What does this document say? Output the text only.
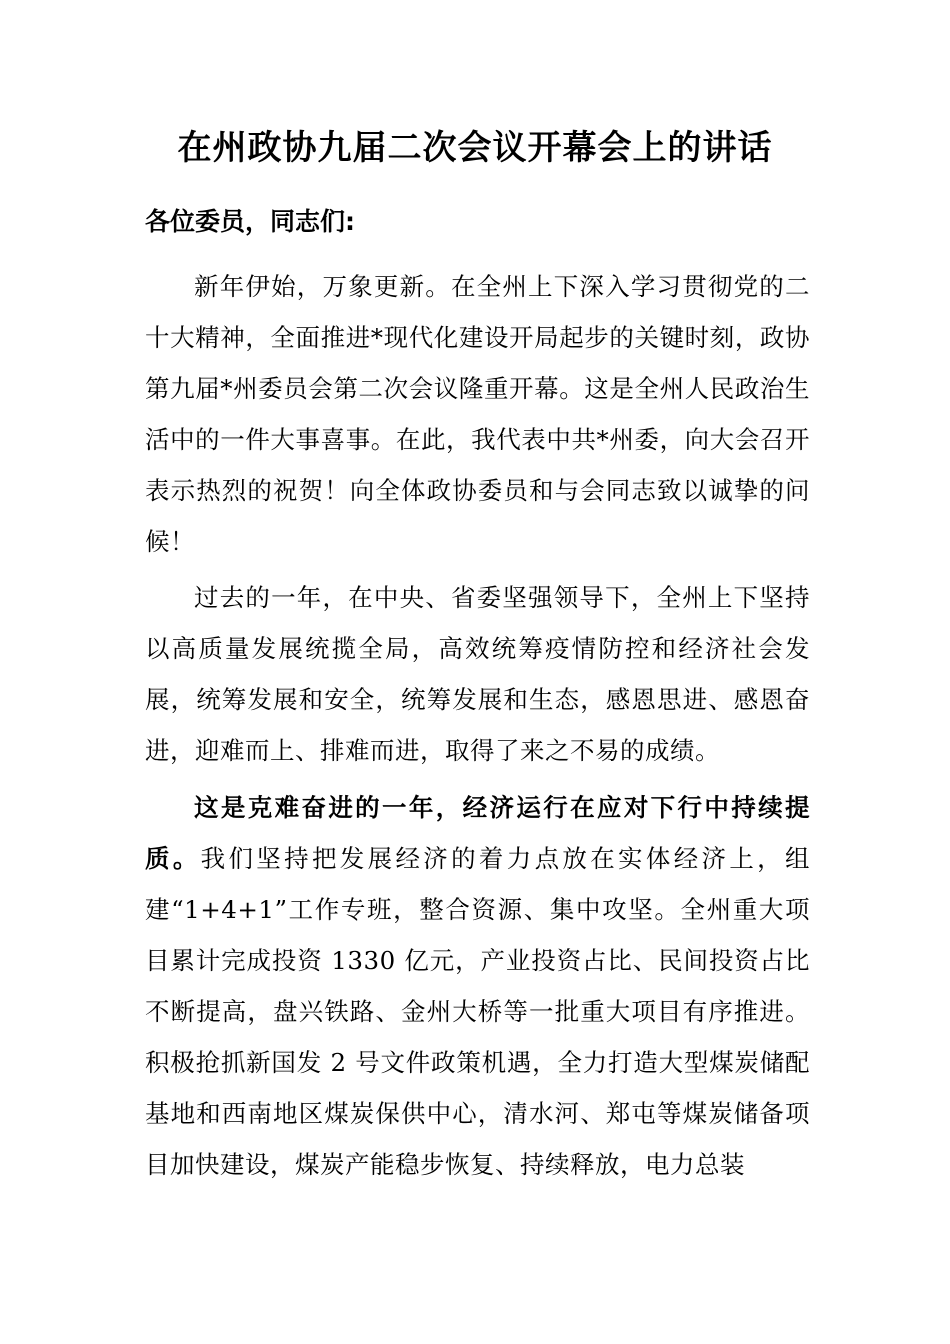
在州政协九届二次会议开幕会上的讲话

各位委员，同志们:

新年伊始，万象更新。在全州上下深入学习贯彻党的二十大精神，全面推进*现代化建设开局起步的关键时刻，政协第九届*州委员会第二次会议隆重开幕。这是全州人民政治生活中的一件大事喜事。在此，我代表中共*州委，向大会召开表示热烈的祝贺！向全体政协委员和与会同志致以诚挚的问候！

过去的一年，在中央、省委坚强领导下，全州上下坚持以高质量发展统揽全局，高效统筹疫情防控和经济社会发展，统筹发展和安全，统筹发展和生态，感恩思进、感恩奋进，迎难而上、排难而进，取得了来之不易的成绩。

这是克难奋进的一年，经济运行在应对下行中持续提质。我们坚持把发展经济的着力点放在实体经济上，组建“1+4+1”工作专班，整合资源、集中攻坚。全州重大项目累计完成投资 1330 亿元，产业投资占比、民间投资占比不断提高，盘兴铁路、金州大桥等一批重大项目有序推进。积极抢抓新国发 2 号文件政策机遇，全力打造大型煤炭储配基地和西南地区煤炭保供中心，清水河、郑屯等煤炭储备项目加快建设，煤炭产能稳步恢复、持续释放，电力总装
